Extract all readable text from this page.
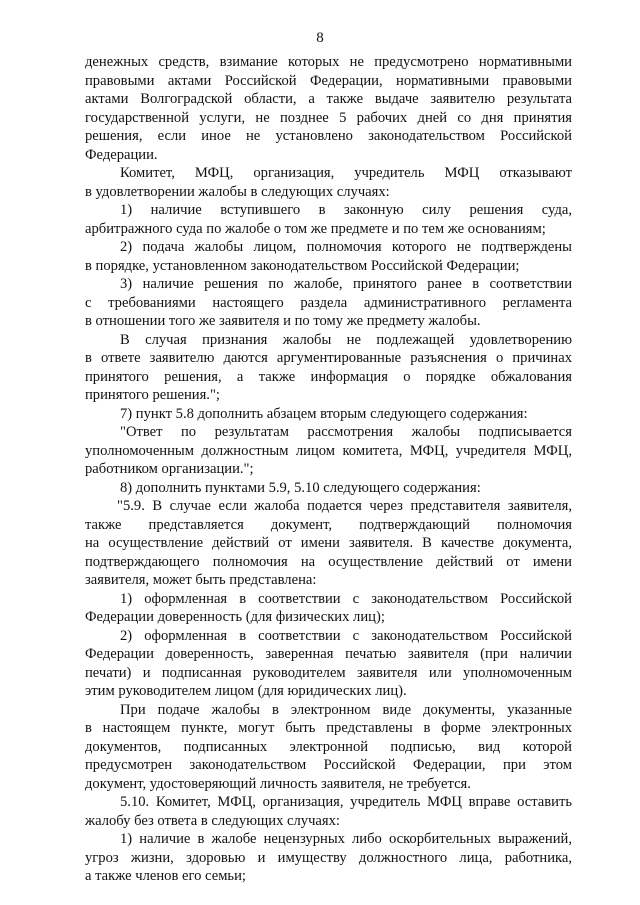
8

денежных средств, взимание которых не предусмотрено нормативными

правовыми актами Российской Федерации, нормативными правовыми

актами Волгоградской области, а также выдаче заявителю результата

государственной услуги, не позднее 5 рабочих дней со дня принятия

решения, если иное не установлено законодательством Российской

Федерации.

Комитет, МФЦ, организация, учредитель МФЦ отказывают

в удовлетворении жалобы в следующих случаях:

1) наличие вступившего в законную силу решения суда,

арбитражного суда по жалобе о том же предмете и по тем же основаниям;

2) подача жалобы лицом, полномочия которого не подтверждены

в порядке, установленном законодательством Российской Федерации;

3) наличие решения по жалобе, принятого ранее в соответствии

с требованиями настоящего раздела административного регламента

в отношении того же заявителя и по тому же предмету жалобы.

В случая признания жалобы не подлежащей удовлетворению

в ответе заявителю даются аргументированные разъяснения о причинах

принятого решения, а также информация о порядке обжалования

принятого решения.";

7) пункт 5.8 дополнить абзацем вторым следующего содержания:

"Ответ по результатам рассмотрения жалобы подписывается

уполномоченным должностным лицом комитета, МФЦ, учредителя МФЦ,

работником организации.";

8) дополнить пунктами 5.9, 5.10 следующего содержания:

"5.9. В случае если жалоба подается через представителя заявителя,

также представляется документ, подтверждающий полномочия

на осуществление действий от имени заявителя. В качестве документа,

подтверждающего полномочия на осуществление действий от имени

заявителя, может быть представлена:

1) оформленная в соответствии с законодательством Российской

Федерации доверенность (для физических лиц);

2) оформленная в соответствии с законодательством Российской

Федерации доверенность, заверенная печатью заявителя (при наличии

печати) и подписанная руководителем заявителя или уполномоченным

этим руководителем лицом (для юридических лиц).

При подаче жалобы в электронном виде документы, указанные

в настоящем пункте, могут быть представлены в форме электронных

документов, подписанных электронной подписью, вид которой

предусмотрен законодательством Российской Федерации, при этом

документ, удостоверяющий личность заявителя, не требуется.

5.10. Комитет, МФЦ, организация, учредитель МФЦ вправе оставить

жалобу без ответа в следующих случаях:

1) наличие в жалобе нецензурных либо оскорбительных выражений,

угроз жизни, здоровью и имуществу должностного лица, работника,

а также членов его семьи;
